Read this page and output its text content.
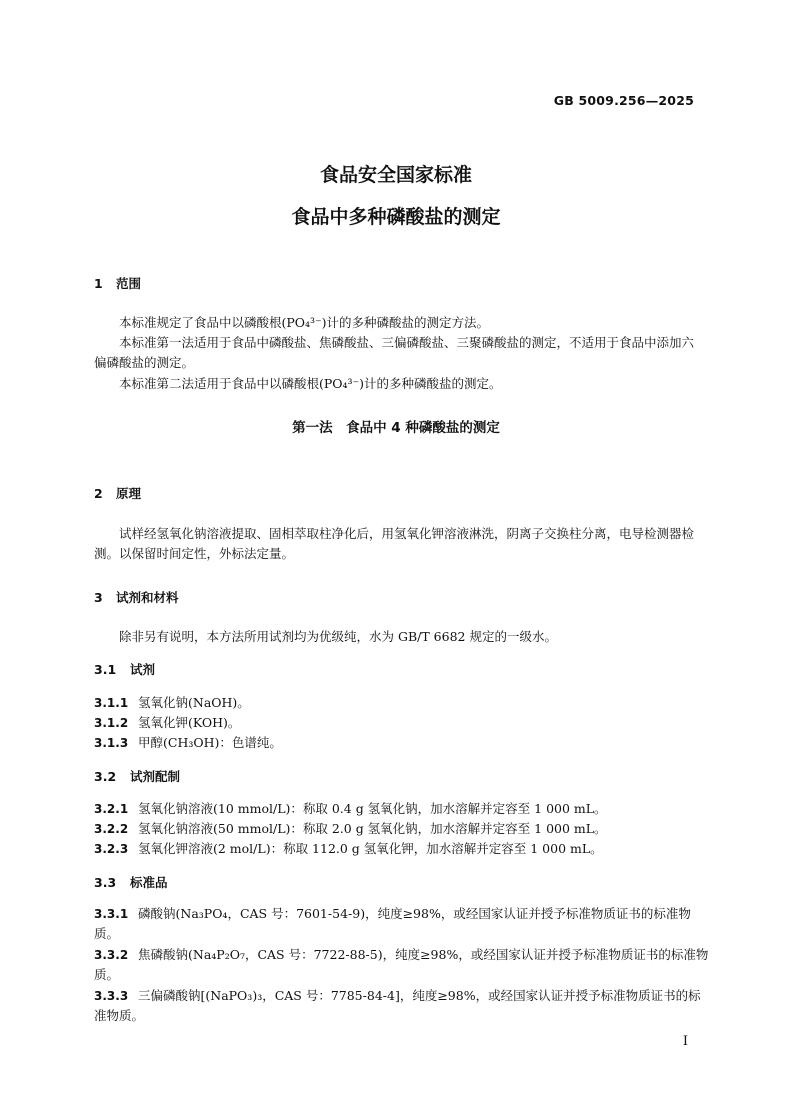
GB 5009.256—2025
食品安全国家标准
食品中多种磷酸盐的测定
1 范围
本标准规定了食品中以磷酸根(PO₄³⁻)计的多种磷酸盐的测定方法。
本标准第一法适用于食品中磷酸盐、焦磷酸盐、三偏磷酸盐、三聚磷酸盐的测定，不适用于食品中添加六偏磷酸盐的测定。
本标准第二法适用于食品中以磷酸根(PO₄³⁻)计的多种磷酸盐的测定。
第一法　食品中 4 种磷酸盐的测定
2 原理
试样经氢氧化钠溶液提取、固相萃取柱净化后，用氢氧化钾溶液淋洗，阴离子交换柱分离，电导检测器检测。以保留时间定性，外标法定量。
3 试剂和材料
除非另有说明，本方法所用试剂均为优级纯，水为 GB/T 6682 规定的一级水。
3.1 试剂
3.1.1 氢氧化钠(NaOH)。
3.1.2 氢氧化钾(KOH)。
3.1.3 甲醇(CH₃OH)：色谱纯。
3.2 试剂配制
3.2.1 氢氧化钠溶液(10 mmol/L)：称取 0.4 g 氢氧化钠，加水溶解并定容至 1 000 mL。
3.2.2 氢氧化钠溶液(50 mmol/L)：称取 2.0 g 氢氧化钠，加水溶解并定容至 1 000 mL。
3.2.3 氢氧化钾溶液(2 mol/L)：称取 112.0 g 氢氧化钾，加水溶解并定容至 1 000 mL。
3.3 标准品
3.3.1 磷酸钠(Na₃PO₄，CAS 号：7601-54-9)，纯度≥98%，或经国家认证并授予标准物质证书的标准物质。
3.3.2 焦磷酸钠(Na₄P₂O₇，CAS 号：7722-88-5)，纯度≥98%，或经国家认证并授予标准物质证书的标准物质。
3.3.3 三偏磷酸钠[(NaPO₃)₃，CAS 号：7785-84-4]，纯度≥98%，或经国家认证并授予标准物质证书的标准物质。
I
